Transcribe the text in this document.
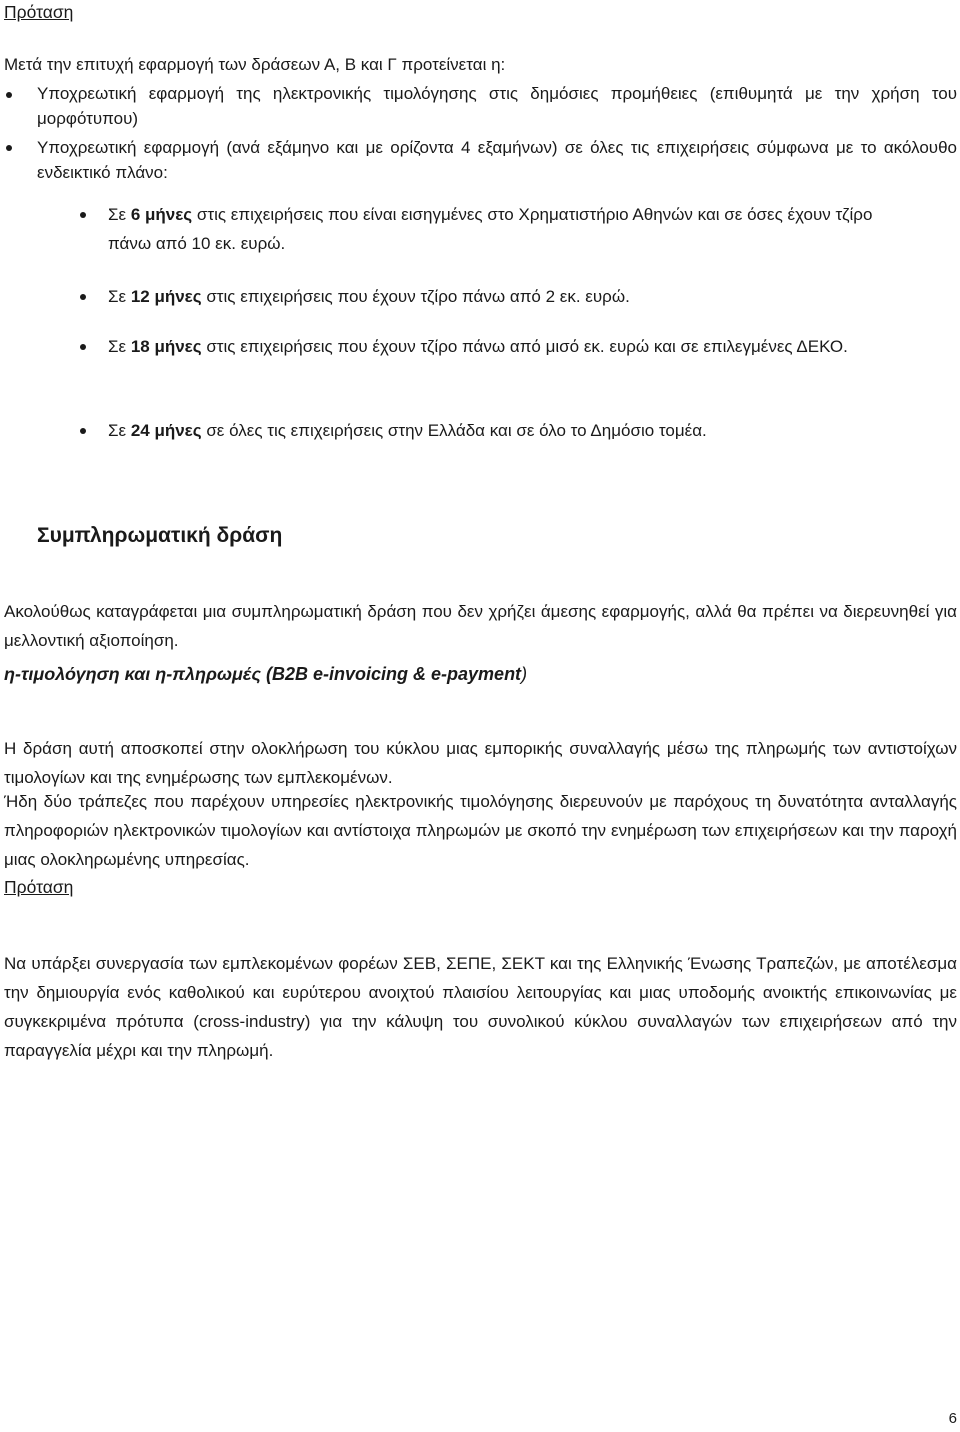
Πρόταση

Μετά την επιτυχή εφαρμογή των δράσεων Α, Β και Γ προτείνεται η:

Υποχρεωτική εφαρμογή της ηλεκτρονικής τιμολόγησης στις δημόσιες προμήθειες (επιθυμητά με την χρήση του μορφότυπου)

Υποχρεωτική εφαρμογή (ανά εξάμηνο και με ορίζοντα 4 εξαμήνων) σε όλες τις επιχειρήσεις σύμφωνα με το ακόλουθο ενδεικτικό πλάνο:

Σε 6 μήνες στις επιχειρήσεις που είναι εισηγμένες στο Χρηματιστήριο Αθηνών και σε όσες έχουν τζίρο πάνω από 10 εκ. ευρώ.

Σε 12 μήνες στις επιχειρήσεις που έχουν τζίρο πάνω από 2 εκ. ευρώ.

Σε 18 μήνες στις επιχειρήσεις που έχουν τζίρο πάνω από μισό εκ. ευρώ και σε επιλεγμένες ΔΕΚΟ.

Σε 24 μήνες σε όλες τις επιχειρήσεις στην Ελλάδα και σε όλο το Δημόσιο τομέα.

Συμπληρωματική δράση

Ακολούθως καταγράφεται μια συμπληρωματική δράση που δεν χρήζει άμεσης εφαρμογής, αλλά θα πρέπει να διερευνηθεί για μελλοντική αξιοποίηση.

η-τιμολόγηση και η-πληρωμές (B2B e-invoicing & e-payment)

Η δράση αυτή αποσκοπεί στην ολοκλήρωση του κύκλου μιας εμπορικής συναλλαγής μέσω της πληρωμής των αντιστοίχων τιμολογίων και της ενημέρωσης των εμπλεκομένων.

Ήδη δύο τράπεζες που παρέχουν υπηρεσίες ηλεκτρονικής τιμολόγησης διερευνούν με παρόχους τη δυνατότητα ανταλλαγής πληροφοριών ηλεκτρονικών τιμολογίων και αντίστοιχα πληρωμών με σκοπό την ενημέρωση των επιχειρήσεων και την παροχή μιας ολοκληρωμένης υπηρεσίας.

Πρόταση

Να υπάρξει συνεργασία των εμπλεκομένων φορέων ΣΕΒ, ΣΕΠΕ, ΣΕΚΤ και της Ελληνικής Ένωσης Τραπεζών, με αποτέλεσμα την δημιουργία ενός καθολικού και ευρύτερου ανοιχτού πλαισίου λειτουργίας και μιας υποδομής ανοικτής επικοινωνίας με συγκεκριμένα πρότυπα (cross-industry) για την κάλυψη του συνολικού κύκλου συναλλαγών των επιχειρήσεων από την παραγγελία μέχρι και την πληρωμή.

6
